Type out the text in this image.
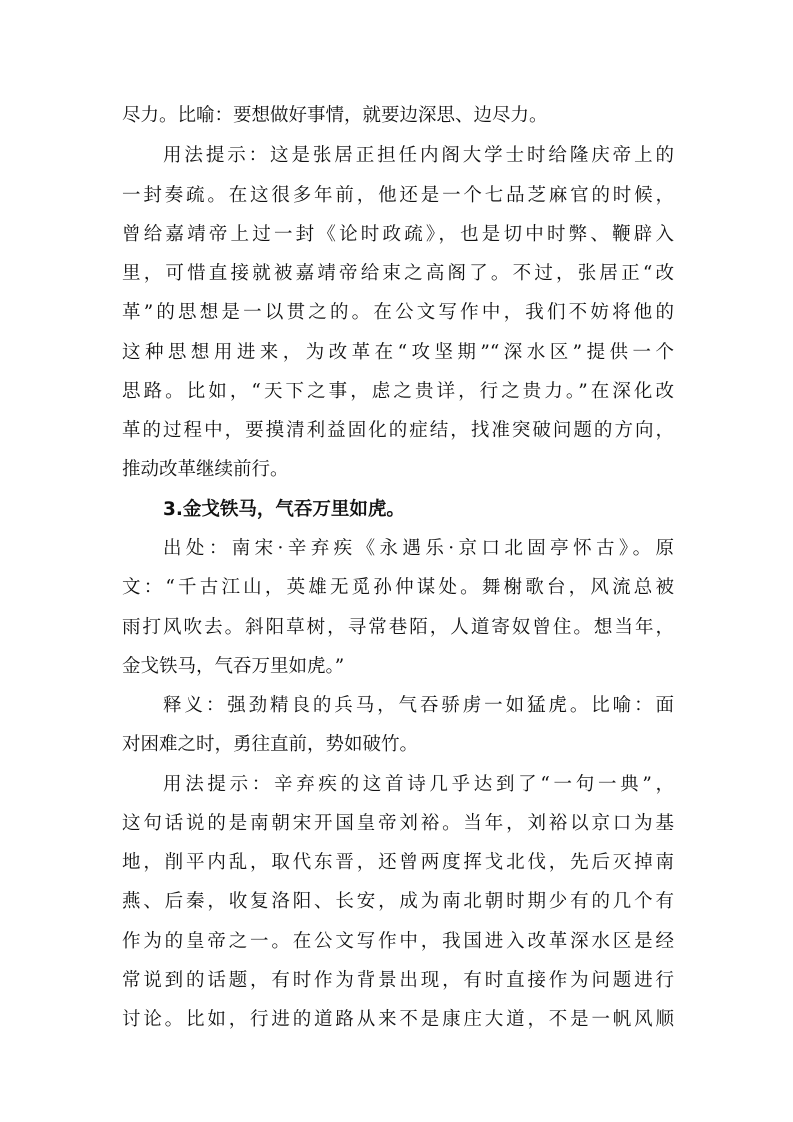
尽力。比喻：要想做好事情，就要边深思、边尽力。
用法提示：这是张居正担任内阁大学士时给隆庆帝上的
一封奏疏。在这很多年前，他还是一个七品芝麻官的时候，
曾给嘉靖帝上过一封《论时政疏》，也是切中时弊、鞭辟入
里，可惜直接就被嘉靖帝给束之高阁了。不过，张居正“改
革”的思想是一以贯之的。在公文写作中，我们不妨将他的
这种思想用进来，为改革在“攻坚期”“深水区”提供一个
思路。比如，“天下之事，虑之贵详，行之贵力。”在深化改
革的过程中，要摸清利益固化的症结，找准突破问题的方向，
推动改革继续前行。
3.金戈铁马，气吞万里如虎。
出处：南宋·辛弃疾《永遇乐·京口北固亭怀古》。原
文：“千古江山，英雄无觅孙仲谋处。舞榭歌台，风流总被
雨打风吹去。斜阳草树，寻常巷陌，人道寄奴曾住。想当年，
金戈铁马，气吞万里如虎。”
释义：强劲精良的兵马，气吞骄虏一如猛虎。比喻：面
对困难之时，勇往直前，势如破竹。
用法提示：辛弃疾的这首诗几乎达到了“一句一典”，
这句话说的是南朝宋开国皇帝刘裕。当年，刘裕以京口为基
地，削平内乱，取代东晋，还曾两度挥戈北伐，先后灭掉南
燕、后秦，收复洛阳、长安，成为南北朝时期少有的几个有
作为的皇帝之一。在公文写作中，我国进入改革深水区是经
常说到的话题，有时作为背景出现，有时直接作为问题进行
讨论。比如，行进的道路从来不是康庄大道，不是一帆风顺
